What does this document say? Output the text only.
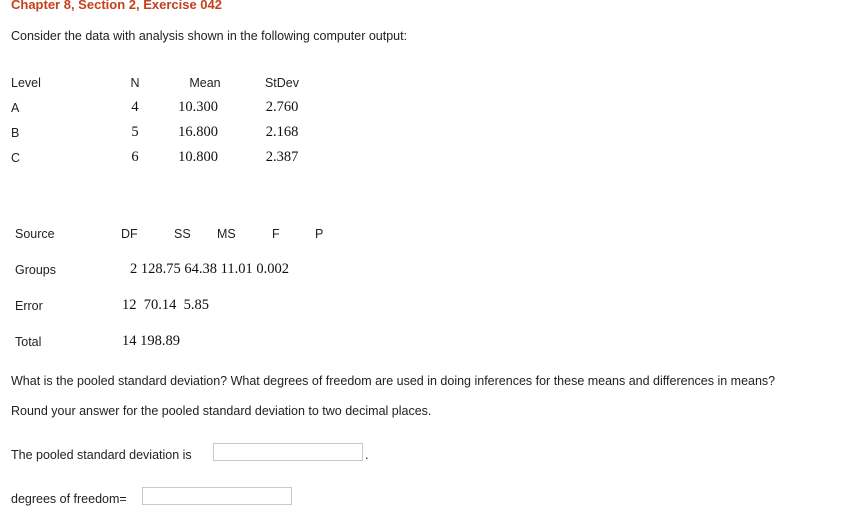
Chapter 8, Section 2, Exercise 042
Consider the data with analysis shown in the following computer output:
Level	N	Mean	StDev
A	4	10.300	2.760
B	5	16.800	2.168
C	6	10.800	2.387
Source	DF	SS MS	F	P
Groups	2 128.75 64.38 11.01 0.002
Error	12  70.14  5.85
Total	14 198.89
What is the pooled standard deviation? What degrees of freedom are used in doing inferences for these means and differences in means?
Round your answer for the pooled standard deviation to two decimal places.
The pooled standard deviation is	.
degrees of freedom=
